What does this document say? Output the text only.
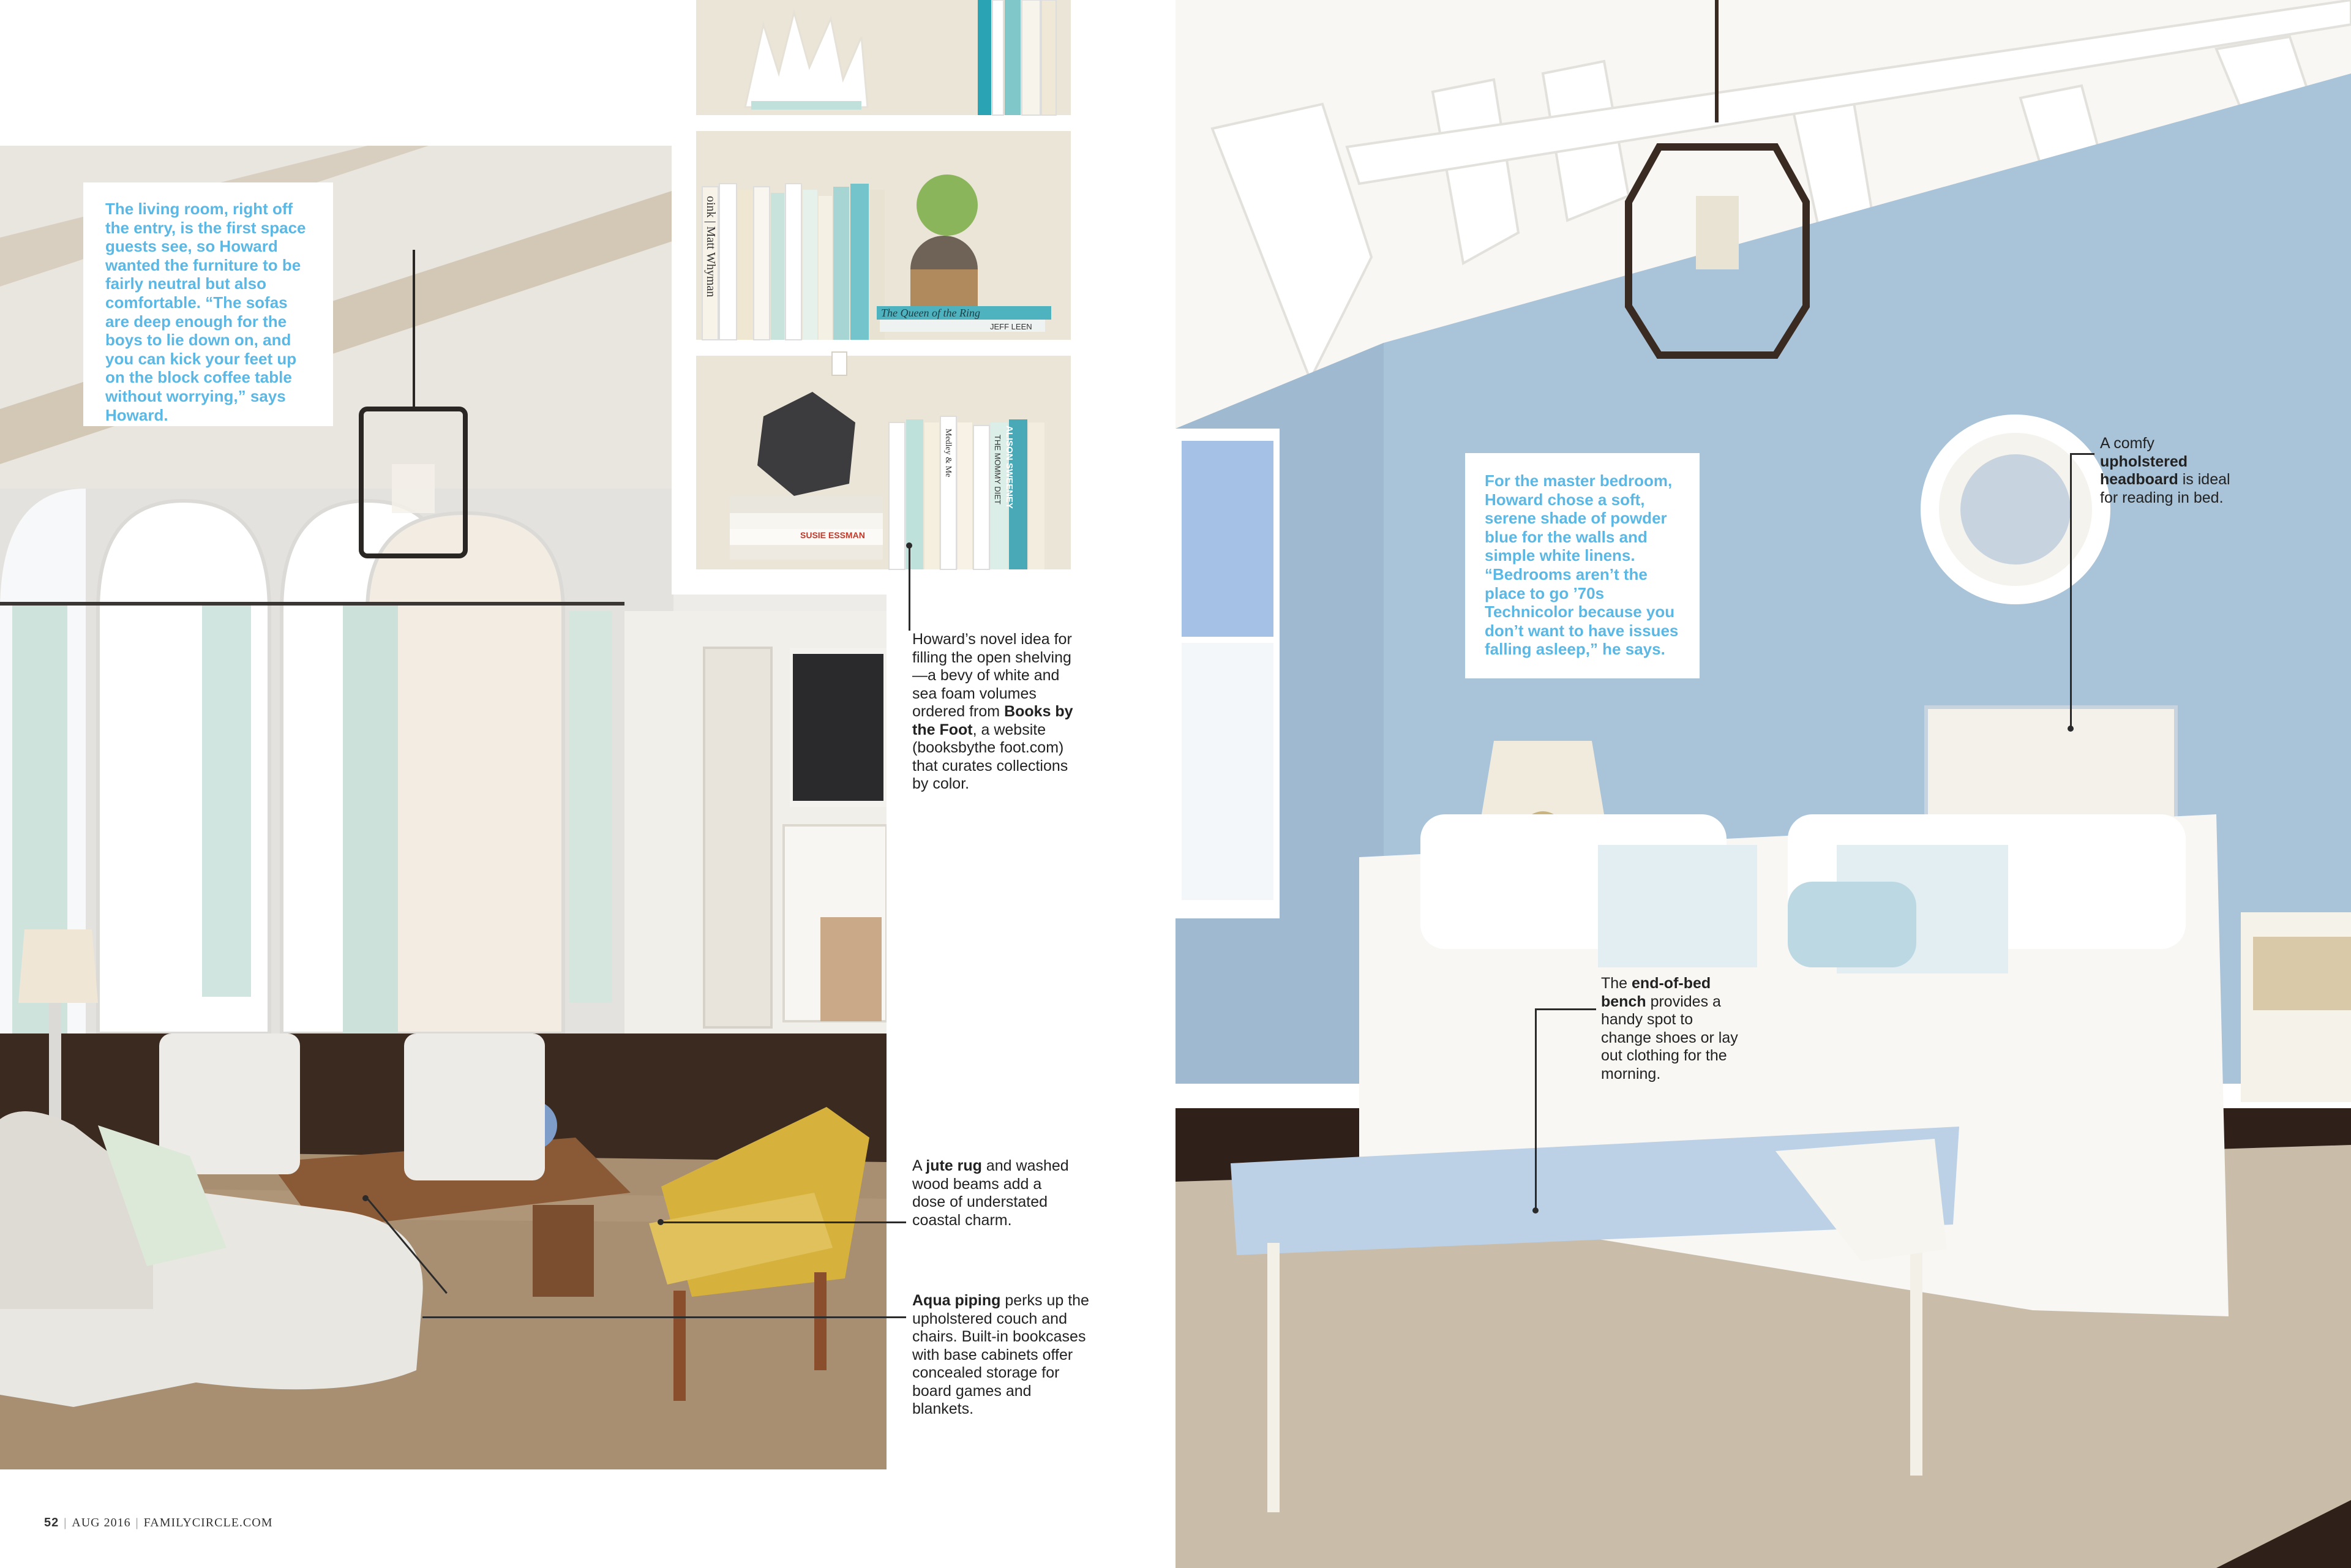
oink | Matt Whyman
The Queen of the Ring
JEFF LEEN
SUSIE ESSMAN
ALISON SWEENEY
THE MOMMY DIET
Medley & Me
The living room, right off the entry, is the first space guests see, so Howard wanted the furniture to be fairly neutral but also comfortable. “The sofas are deep enough for the boys to lie down on, and you can kick your feet up on the block coffee table without worrying,” says Howard.
For the master bedroom, Howard chose a soft, serene shade of powder blue for the walls and simple white linens. “Bedrooms aren’t the place to go ’70s Technicolor because you don’t want to have issues falling asleep,” he says.
Howard’s novel idea for filling the open shelving—a bevy of white and sea foam volumes ordered from Books by the Foot, a website (booksbythe foot.com) that curates collections by color.
A jute rug and washed wood beams add a dose of understated coastal charm.
Aqua piping perks up the upholstered couch and chairs. Built-in bookcases with base cabinets offer concealed storage for board games and blankets.
A comfy upholstered headboard is ideal for reading in bed.
The end-of-bed bench provides a handy spot to change shoes or lay out clothing for the morning.
52 | AUG 2016 | FAMILYCIRCLE.COM
